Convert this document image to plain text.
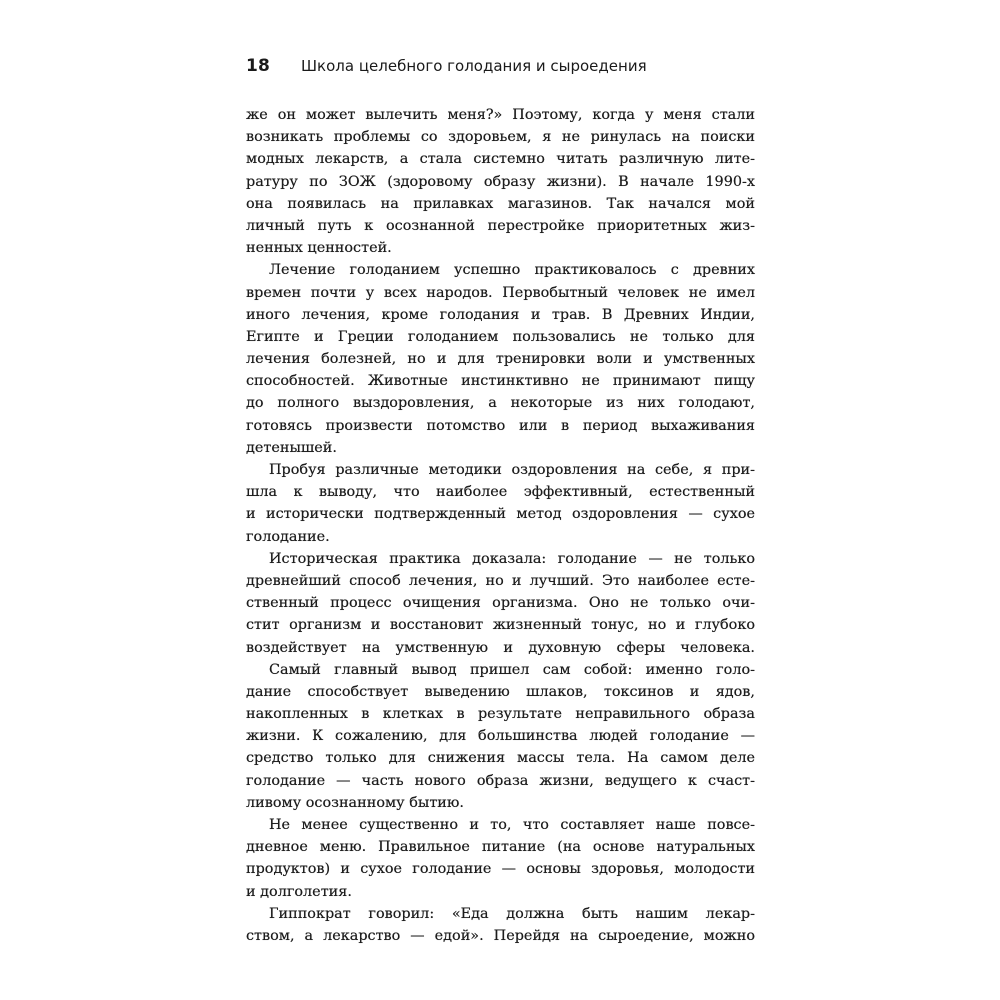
18 Школа целебного голодания и сыроедения
же он может вылечить меня?» Поэтому, когда у меня стали
возникать проблемы со здоровьем, я не ринулась на поиски
модных лекарств, а стала системно читать различную лите-
ратуру по ЗОЖ (здоровому образу жизни). В начале 1990-х
она появилась на прилавках магазинов. Так начался мой
личный путь к осознанной перестройке приоритетных жиз-
ненных ценностей.
Лечение голоданием успешно практиковалось с древних
времен почти у всех народов. Первобытный человек не имел
иного лечения, кроме голодания и трав. В Древних Индии,
Египте и Греции голоданием пользовались не только для
лечения болезней, но и для тренировки воли и умственных
способностей. Животные инстинктивно не принимают пищу
до полного выздоровления, а некоторые из них голодают,
готовясь произвести потомство или в период выхаживания
детенышей.
Пробуя различные методики оздоровления на себе, я при-
шла к выводу, что наиболее эффективный, естественный
и исторически подтвержденный метод оздоровления — сухое
голодание.
Историческая практика доказала: голодание — не только
древнейший способ лечения, но и лучший. Это наиболее есте-
ственный процесс очищения организма. Оно не только очи-
стит организм и восстановит жизненный тонус, но и глубоко
воздействует на умственную и духовную сферы человека.
Самый главный вывод пришел сам собой: именно голо-
дание способствует выведению шлаков, токсинов и ядов,
накопленных в клетках в результате неправильного образа
жизни. К сожалению, для большинства людей голодание —
средство только для снижения массы тела. На самом деле
голодание — часть нового образа жизни, ведущего к счаст-
ливому осознанному бытию.
Не менее существенно и то, что составляет наше повсе-
дневное меню. Правильное питание (на основе натуральных
продуктов) и сухое голодание — основы здоровья, молодости
и долголетия.
Гиппократ говорил: «Еда должна быть нашим лекар-
ством, а лекарство — едой». Перейдя на сыроедение, можно
